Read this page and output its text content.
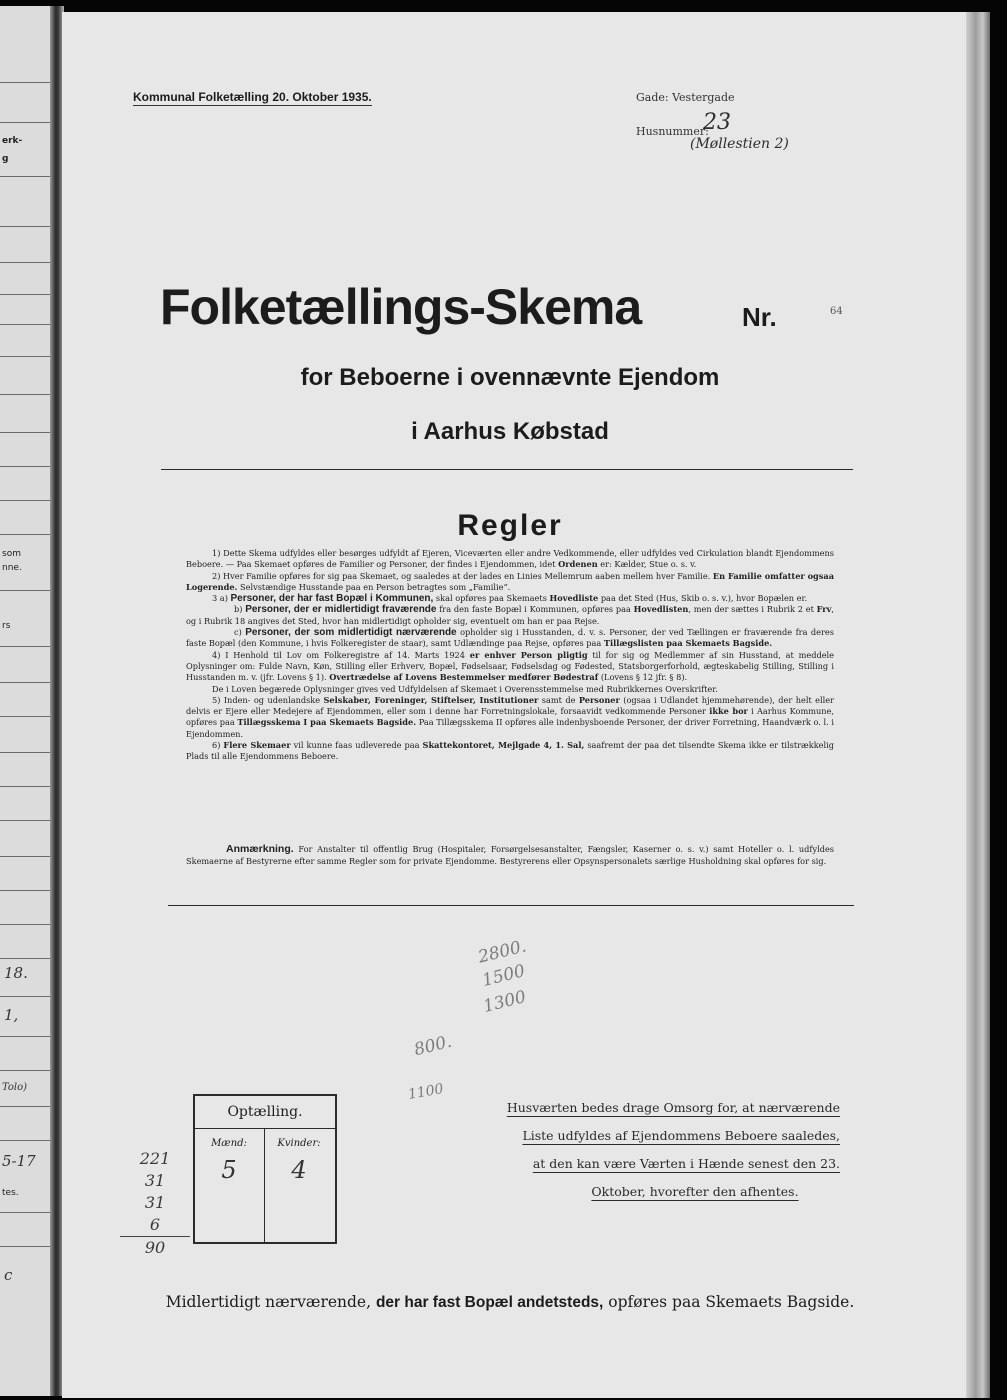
erk-
g
som
nne.
rs
18.
1,
Tolo)
5-17
tes.
c
Kommunal Folketælling 20. Oktober 1935.	Gade: Vestergade
Husnummer:
23
(Møllestien 2)
Folketællings-Skema	Nr.	64
for Beboerne i ovennævnte Ejendom
i Aarhus Købstad
Regler

1) Dette Skema udfyldes eller besørges udfyldt af Ejeren, Viceværten eller andre Vedkommende, eller udfyldes ved Cirkulation blandt Ejendommens Beboere. — Paa Skemaet opføres de Familier og Personer, der findes i Ejendommen, idet Ordenen er: Kælder, Stue o. s. v.

2) Hver Familie opføres for sig paa Skemaet, og saaledes at der lades en Linies Mellemrum aaben mellem hver Familie. En Familie omfatter ogsaa Logerende. Selvstændige Husstande paa en Person betragtes som „Familie“.

3 a) Personer, der har fast Bopæl i Kommunen, skal opføres paa Skemaets Hovedliste paa det Sted (Hus, Skib o. s. v.), hvor Bopælen er.

b) Personer, der er midlertidigt fraværende fra den faste Bopæl i Kommunen, opføres paa Hovedlisten, men der sættes i Rubrik 2 et Frv, og i Rubrik 18 angives det Sted, hvor han midlertidigt opholder sig, eventuelt om han er paa Rejse.

c) Personer, der som midlertidigt nærværende opholder sig i Husstanden, d. v. s. Personer, der ved Tællingen er fraværende fra deres faste Bopæl (den Kommune, i hvis Folkeregister de staar), samt Udlændinge paa Rejse, opføres paa Tillægslisten paa Skemaets Bagside.

4) I Henhold til Lov om Folkeregistre af 14. Marts 1924 er enhver Person pligtig til for sig og Medlemmer af sin Husstand, at meddele Oplysninger om: Fulde Navn, Køn, Stilling eller Erhverv, Bopæl, Fødselsaar, Fødselsdag og Fødested, Statsborgerforhold, ægteskabelig Stilling, Stilling i Husstanden m. v. (jfr. Lovens § 1). Overtrædelse af Lovens Bestemmelser medfører Bødestraf (Lovens § 12 jfr. § 8).

De i Loven begærede Oplysninger gives ved Udfyldelsen af Skemaet i Overensstemmelse med Rubrikkernes Overskrifter.

5) Inden- og udenlandske Selskaber, Foreninger, Stiftelser, Institutioner samt de Personer (ogsaa i Udlandet hjemmehørende), der helt eller delvis er Ejere eller Medejere af Ejendommen, eller som i denne har Forretningslokale, forsaavidt vedkommende Personer ikke bor i Aarhus Kommune, opføres paa Tillægsskema I paa Skemaets Bagside. Paa Tillægsskema II opføres alle indenbysboende Personer, der driver Forretning, Haandværk o. l. i Ejendommen.

6) Flere Skemaer vil kunne faas udleverede paa Skattekontoret, Mejlgade 4, 1. Sal, saafremt der paa det tilsendte Skema ikke er tilstrækkelig Plads til alle Ejendommens Beboere.

Anmærkning. For Anstalter til offentlig Brug (Hospitaler, Forsørgelsesanstalter, Fængsler, Kaserner o. s. v.) samt Hoteller o. l. udfyldes Skemaerne af Bestyrerne efter samme Regler som for private Ejendomme. Bestyrerens eller Opsynspersonalets særlige Husholdning skal opføres for sig.

2800.
1500
1300
800.
1100
Optælling.
Mænd:	Kvinder:
5	4
221
31
31
6
90
Husværten bedes drage Omsorg for, at nærværende
Liste udfyldes af Ejendommens Beboere saaledes,
at den kan være Værten i Hænde senest den 23.
Oktober, hvorefter den afhentes.
Midlertidigt nærværende, der har fast Bopæl andetsteds, opføres paa Skemaets Bagside.
